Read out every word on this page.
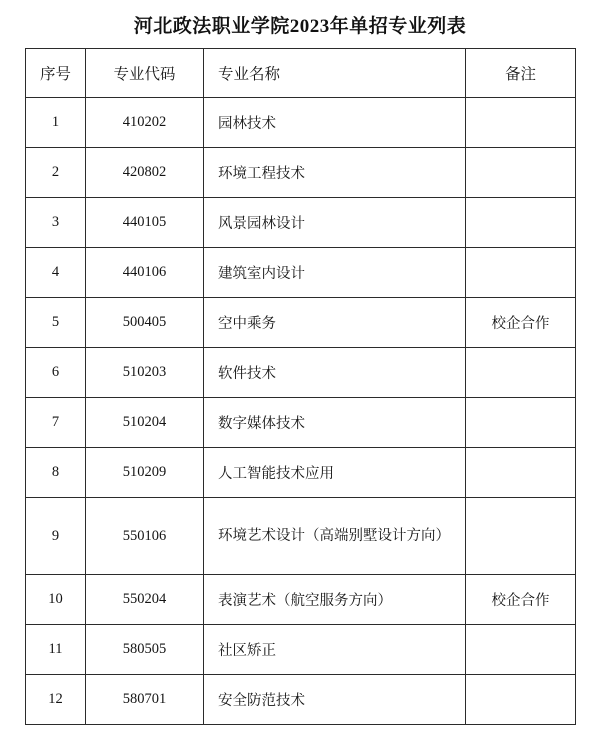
河北政法职业学院2023年单招专业列表
序号	专业代码	专业名称	备注
1	410202	园林技术	
2	420802	环境工程技术	
3	440105	风景园林设计	
4	440106	建筑室内设计	
5	500405	空中乘务	校企合作
6	510203	软件技术	
7	510204	数字媒体技术	
8	510209	人工智能技术应用	
9	550106	环境艺术设计（高端别墅设计方向）	

10	550204	表演艺术（航空服务方向）	校企合作
11	580505	社区矫正	
12	580701	安全防范技术	
